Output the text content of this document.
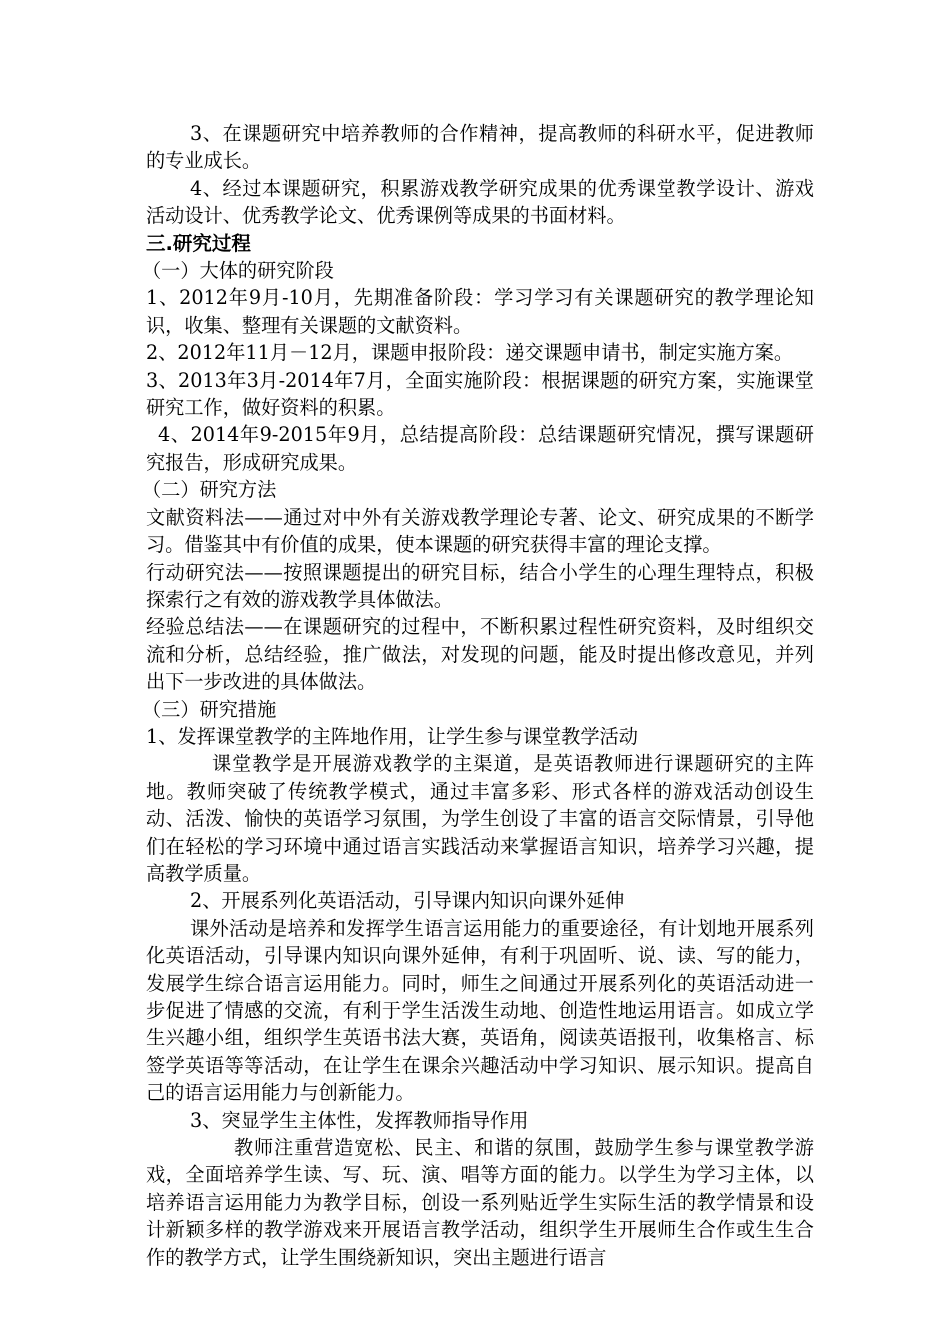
3、在课题研究中培养教师的合作精神，提高教师的科研水平，促进教师的专业成长。

4、经过本课题研究，积累游戏教学研究成果的优秀课堂教学设计、游戏活动设计、优秀教学论文、优秀课例等成果的书面材料。

三.研究过程

（一）大体的研究阶段

1、2012年9月-10月，先期准备阶段：学习学习有关课题研究的教学理论知识，收集、整理有关课题的文献资料。

2、2012年11月－12月，课题申报阶段：递交课题申请书，制定实施方案。

3、2013年3月-2014年7月，全面实施阶段：根据课题的研究方案，实施课堂研究工作，做好资料的积累。

4、2014年9-2015年9月，总结提高阶段：总结课题研究情况，撰写课题研究报告，形成研究成果。

（二）研究方法

文献资料法——通过对中外有关游戏教学理论专著、论文、研究成果的不断学习。借鉴其中有价值的成果，使本课题的研究获得丰富的理论支撑。

行动研究法——按照课题提出的研究目标，结合小学生的心理生理特点，积极探索行之有效的游戏教学具体做法。

经验总结法——在课题研究的过程中，不断积累过程性研究资料，及时组织交流和分析，总结经验，推广做法，对发现的问题，能及时提出修改意见，并列出下一步改进的具体做法。

（三）研究措施

1、发挥课堂教学的主阵地作用，让学生参与课堂教学活动

课堂教学是开展游戏教学的主渠道，是英语教师进行课题研究的主阵地。教师突破了传统教学模式，通过丰富多彩、形式各样的游戏活动创设生动、活泼、愉快的英语学习氛围，为学生创设了丰富的语言交际情景，引导他们在轻松的学习环境中通过语言实践活动来掌握语言知识，培养学习兴趣，提高教学质量。

2、开展系列化英语活动，引导课内知识向课外延伸

课外活动是培养和发挥学生语言运用能力的重要途径，有计划地开展系列化英语活动，引导课内知识向课外延伸，有利于巩固听、说、读、写的能力，发展学生综合语言运用能力。同时，师生之间通过开展系列化的英语活动进一步促进了情感的交流，有利于学生活泼生动地、创造性地运用语言。如成立学生兴趣小组，组织学生英语书法大赛，英语角，阅读英语报刊，收集格言、标签学英语等等活动，在让学生在课余兴趣活动中学习知识、展示知识。提高自己的语言运用能力与创新能力。

3、突显学生主体性，发挥教师指导作用

教师注重营造宽松、民主、和谐的氛围，鼓励学生参与课堂教学游戏，全面培养学生读、写、玩、演、唱等方面的能力。以学生为学习主体，以培养语言运用能力为教学目标，创设一系列贴近学生实际生活的教学情景和设计新颖多样的教学游戏来开展语言教学活动，组织学生开展师生合作或生生合作的教学方式，让学生围绕新知识，突出主题进行语言
